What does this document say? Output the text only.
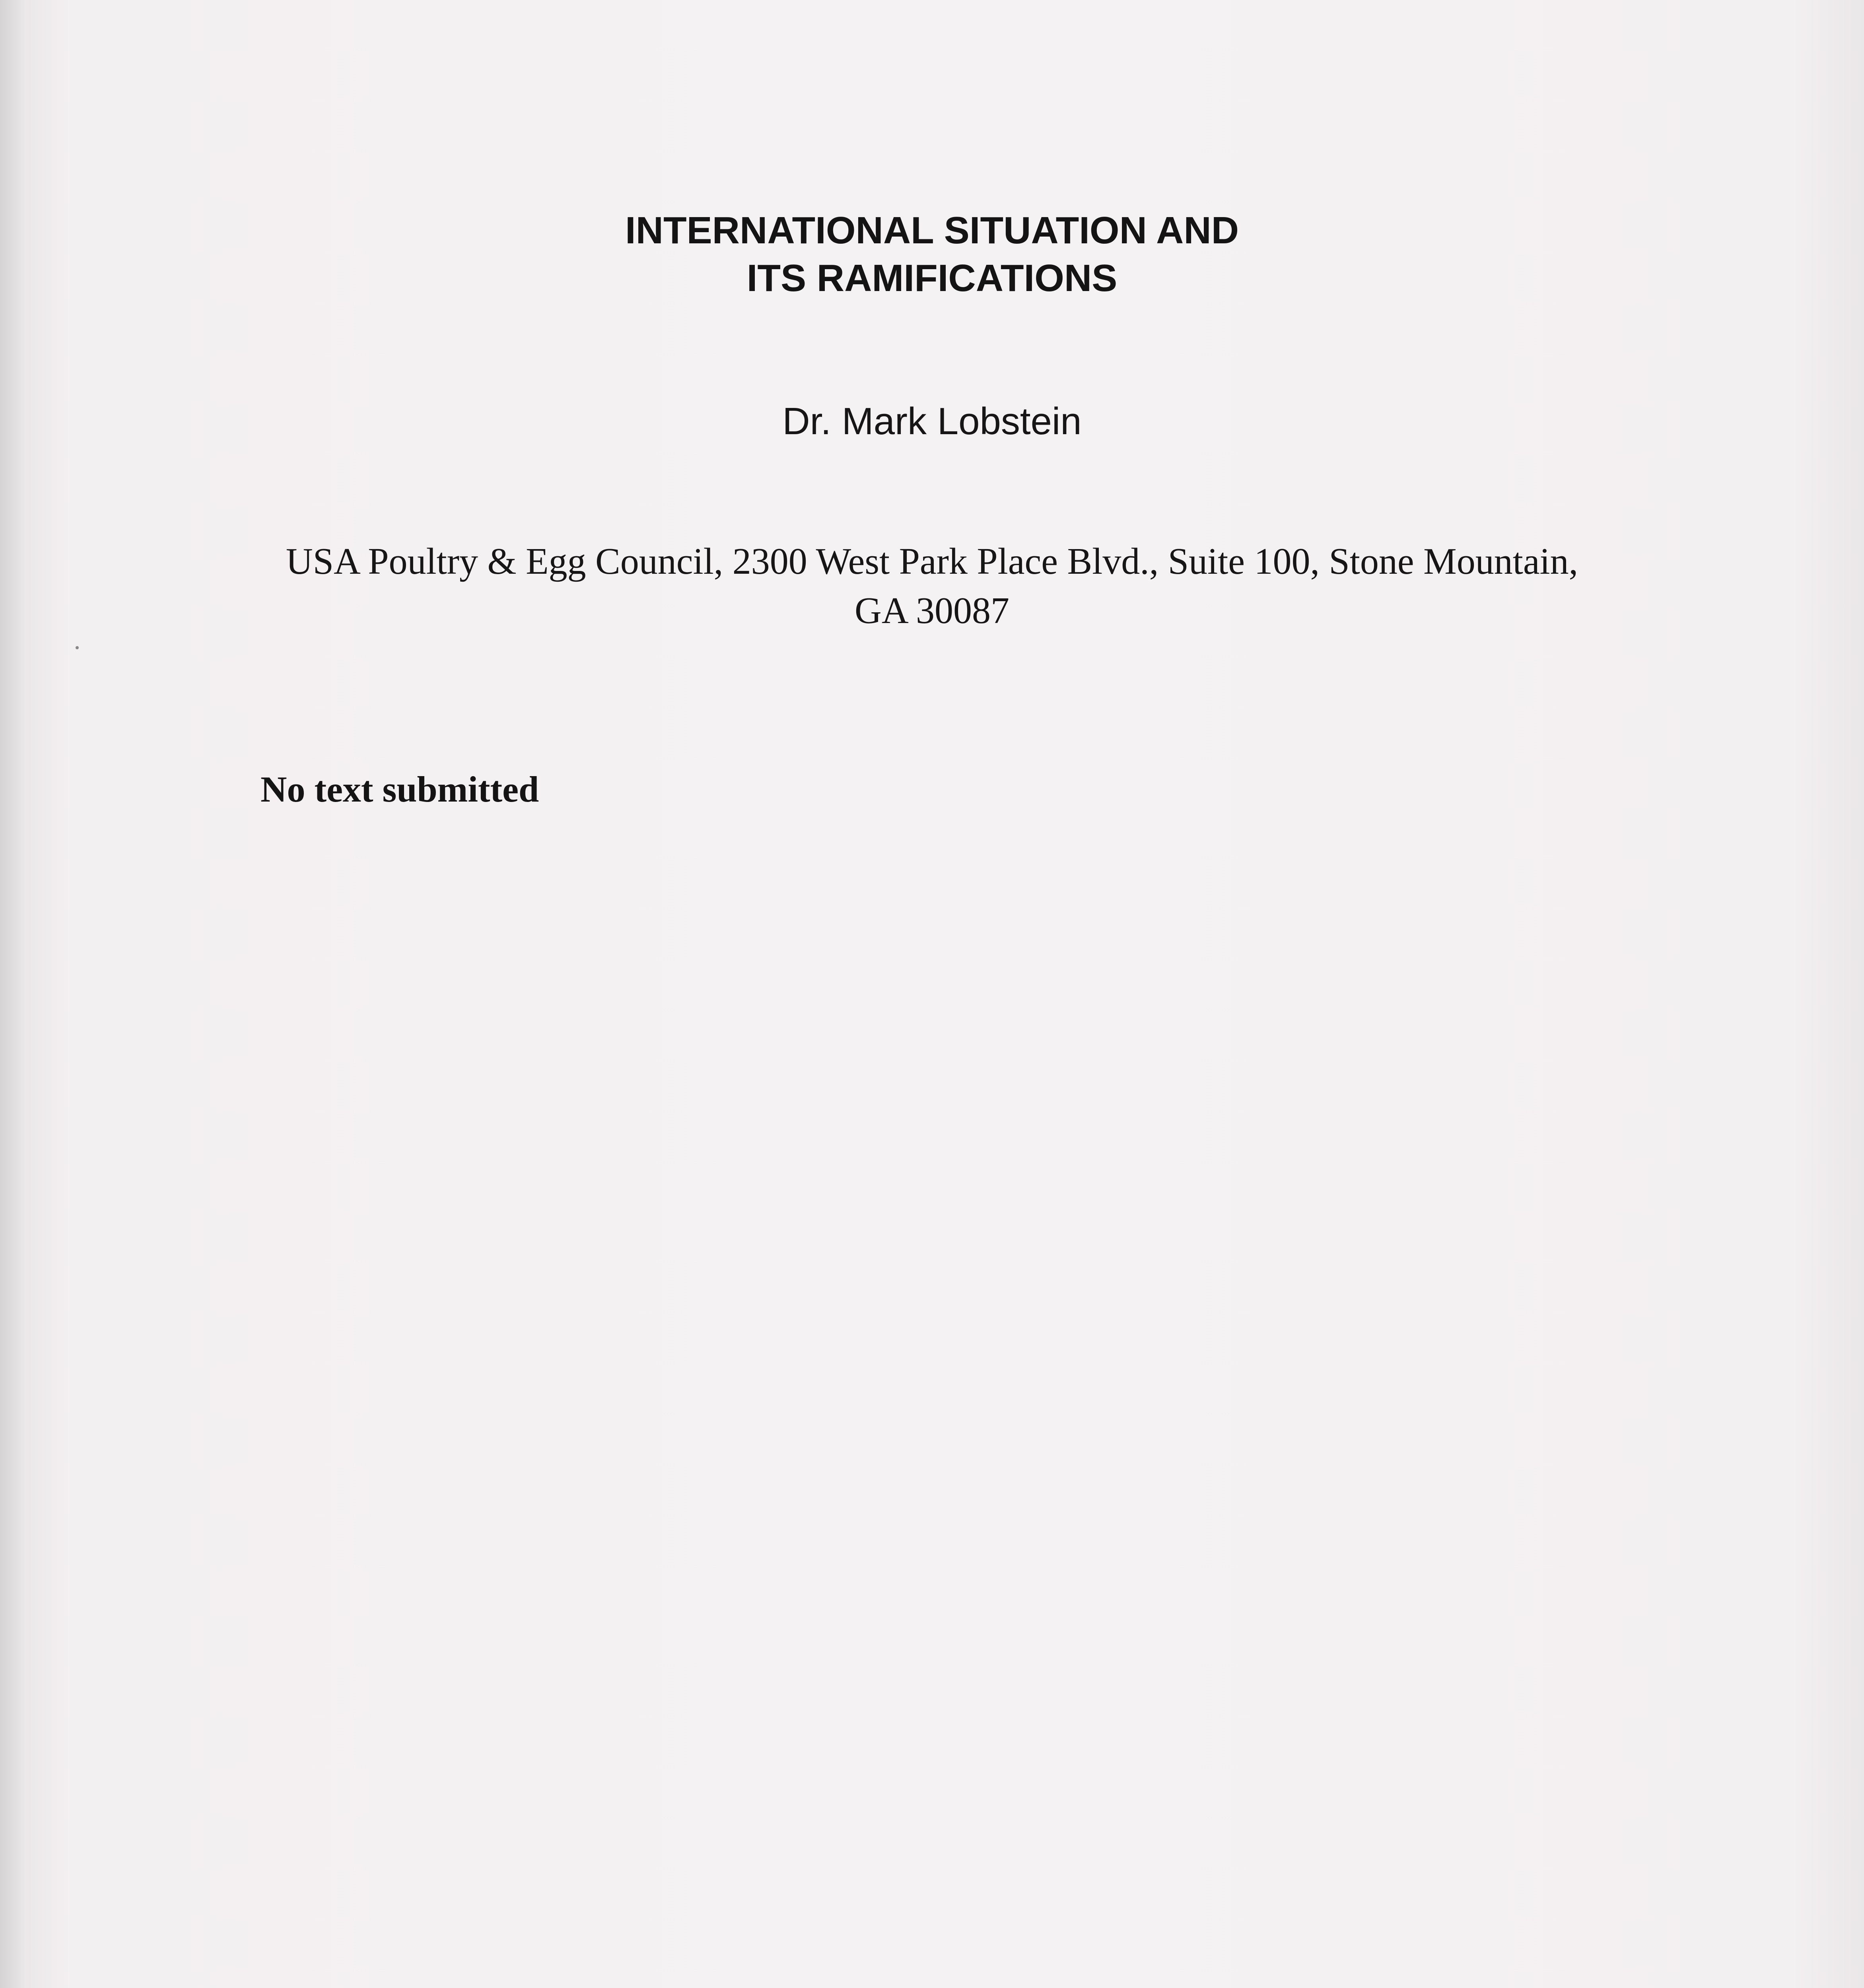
INTERNATIONAL SITUATION AND
ITS RAMIFICATIONS
Dr. Mark Lobstein
USA Poultry & Egg Council, 2300 West Park Place Blvd., Suite 100, Stone Mountain,
GA 30087
No text submitted
